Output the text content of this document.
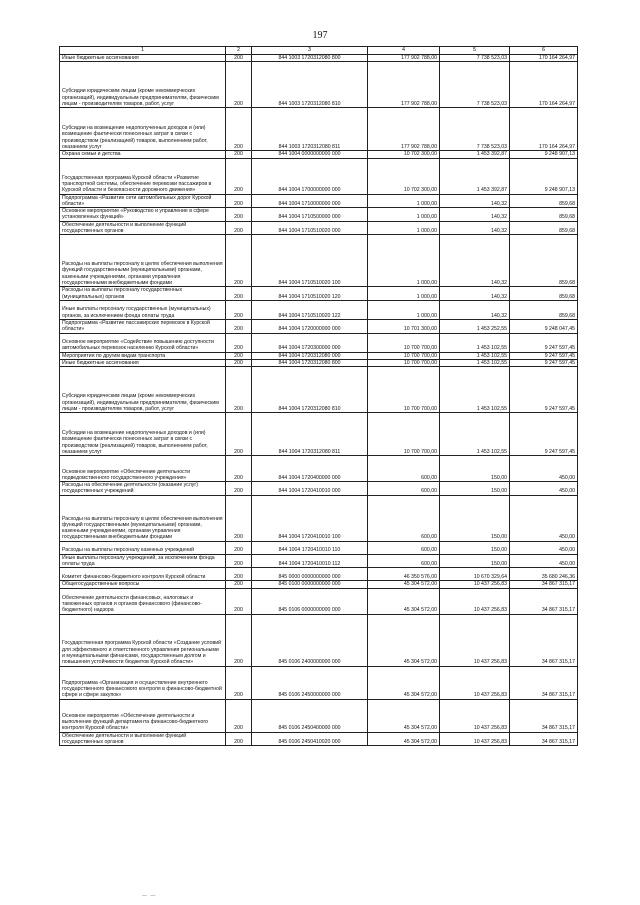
197
1	2	3	4	5	6
Иные бюджетные ассигнования	200	844 1003 1720312080 800	177 902 788,00	7 738 523,03	170 164 264,97
Субсидии юридическим лицам (кроме некоммерческих организаций), индивидуальным предпринимателям, физическим лицам - производителям товаров, работ, услуг	200	844 1003 1720312080 810	177 902 788,00	7 738 523,03	170 164 264,97
Субсидии на возмещение недополученных доходов и (или) возмещение фактически понесенных затрат в связи с производством (реализацией) товаров, выполнением работ, оказанием услуг	200	844 1003 1720312080 811	177 902 788,00	7 738 523,03	170 164 264,97
Охрана семьи и детства	200	844 1004 0000000000 000	10 702 300,00	1 453 392,87	9 248 907,13
Государственная программа Курской области «Развитие транспортной системы, обеспечение перевозки пассажиров в Курской области и безопасности дорожного движения»	200	844 1004 1700000000 000	10 702 300,00	1 453 392,87	9 248 907,13
Подпрограмма «Развитие сети автомобильных дорог Курской области»	200	844 1004 1710000000 000	1 000,00	140,32	859,68
Основное мероприятие «Руководство и управление в сфере установленных функций»	200	844 1004 1710500000 000	1 000,00	140,32	859,68
Обеспечение деятельности и выполнение функций государственных органов	200	844 1004 1710510020 000	1 000,00	140,32	859,68
Расходы на выплаты персоналу в целях обеспечения выполнения функций государственными (муниципальными) органами, казенными учреждениями, органами управления государственными внебюджетными фондами	200	844 1004 1710510020 100	1 000,00	140,32	859,68
Расходы на выплаты персоналу государственных (муниципальных) органов	200	844 1004 1710510020 120	1 000,00	140,32	859,68
Иные выплаты персоналу государственных (муниципальных) органов, за исключением фонда оплаты труда	200	844 1004 1710510020 122	1 000,00	140,32	859,68
Подпрограмма «Развитие пассажирских перевозок в Курской области»	200	844 1004 1720000000 000	10 701 300,00	1 453 252,55	9 248 047,45
Основное мероприятие «Содействие повышению доступности автомобильных перевозок населению Курской области»	200	844 1004 1720300000 000	10 700 700,00	1 453 102,55	9 247 597,45
Мероприятия по другим видам транспорта	200	844 1004 1720312080 000	10 700 700,00	1 453 102,55	9 247 597,45
Иные бюджетные ассигнования	200	844 1004 1720312080 800	10 700 700,00	1 453 102,55	9 247 597,45
Субсидии юридическим лицам (кроме некоммерческих организаций), индивидуальным предпринимателям, физическим лицам - производителям товаров, работ, услуг	200	844 1004 1720312080 810	10 700 700,00	1 453 102,55	9 247 597,45
Субсидии на возмещение недополученных доходов и (или) возмещение фактически понесенных затрат в связи с производством (реализацией) товаров, выполнением работ, оказанием услуг	200	844 1004 1720312080 811	10 700 700,00	1 453 102,55	9 247 597,45
Основное мероприятие «Обеспечение деятельности подведомственного государственного учреждения»	200	844 1004 1720400000 000	600,00	150,00	450,00
Расходы на обеспечение деятельности (оказание услуг) государственных учреждений	200	844 1004 1720410010 000	600,00	150,00	450,00
Расходы на выплаты персоналу в целях обеспечения выполнения функций государственными (муниципальными) органами, казенными учреждениями, органами управления государственными внебюджетными фондами	200	844 1004 1720410010 100	600,00	150,00	450,00
Расходы на выплаты персоналу казенных учреждений	200	844 1004 1720410010 110	600,00	150,00	450,00
Иные выплаты персоналу учреждений, за исключением фонда оплаты труда	200	844 1004 1720410010 112	600,00	150,00	450,00
Комитет финансово-бюджетного контроля Курской области	200	845 0000 0000000000 000	46 350 576,00	10 670 329,64	35 680 246,36
Общегосударственные вопросы	200	845 0100 0000000000 000	45 304 572,00	10 437 256,83	34 867 315,17
Обеспечение деятельности финансовых, налоговых и таможенных органов и органов финансового (финансово-бюджетного) надзора	200	845 0106 0000000000 000	45 304 572,00	10 437 256,83	34 867 315,17
Государственная программа Курской области «Создание условий для эффективного и ответственного управления региональными и муниципальными финансами, государственным долгом и повышения устойчивости бюджетов Курской области»	200	845 0106 2400000000 000	45 304 572,00	10 437 256,83	34 867 315,17
Подпрограмма «Организация и осуществление внутреннего государственного финансового контроля в финансово-бюджетной сфере и сфере закупок»	200	845 0106 2450000000 000	45 304 572,00	10 437 256,83	34 867 315,17
Основное мероприятие «Обеспечение деятельности и выполнение функций департамента финансово-бюджетного контроля Курской области»	200	845 0106 2450400000 000	45 304 572,00	10 437 256,83	34 867 315,17
Обеспечение деятельности и выполнение функций государственных органов	200	845 0106 2450410020 000	45 304 572,00	10 437 256,83	34 867 315,17
— —
